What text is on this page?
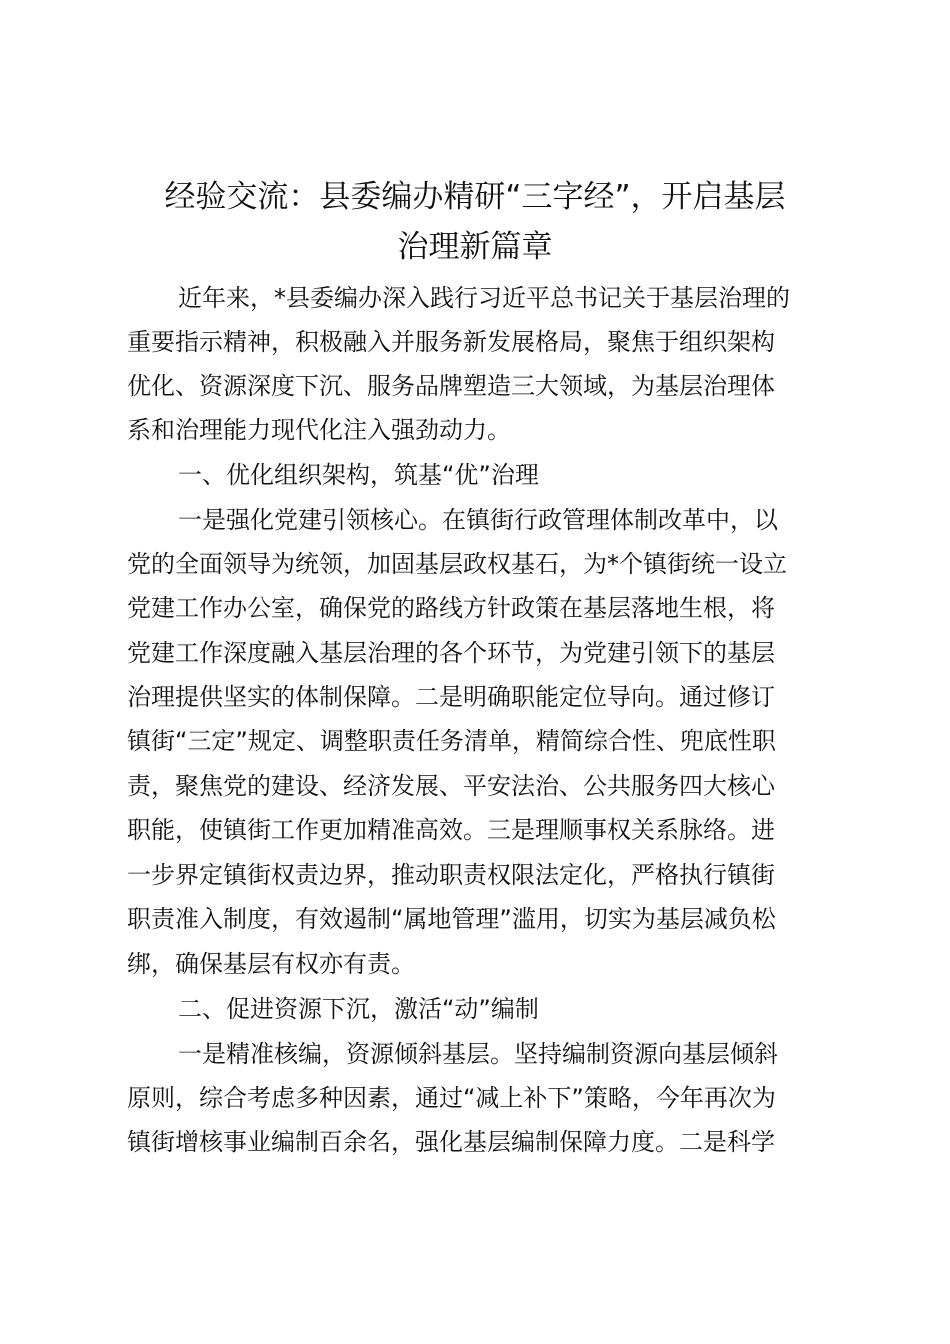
经验交流：县委编办精研“三字经”，开启基层
治理新篇章
近年来，*县委编办深入践行习近平总书记关于基层治理的
重要指示精神，积极融入并服务新发展格局，聚焦于组织架构
优化、资源深度下沉、服务品牌塑造三大领域，为基层治理体
系和治理能力现代化注入强劲动力。
一、优化组织架构，筑基“优”治理
一是强化党建引领核心。在镇街行政管理体制改革中，以
党的全面领导为统领，加固基层政权基石，为*个镇街统一设立
党建工作办公室，确保党的路线方针政策在基层落地生根，将
党建工作深度融入基层治理的各个环节，为党建引领下的基层
治理提供坚实的体制保障。二是明确职能定位导向。通过修订
镇街“三定”规定、调整职责任务清单，精简综合性、兜底性职
责，聚焦党的建设、经济发展、平安法治、公共服务四大核心
职能，使镇街工作更加精准高效。三是理顺事权关系脉络。进
一步界定镇街权责边界，推动职责权限法定化，严格执行镇街
职责准入制度，有效遏制“属地管理”滥用，切实为基层减负松
绑，确保基层有权亦有责。
二、促进资源下沉，激活“动”编制
一是精准核编，资源倾斜基层。坚持编制资源向基层倾斜
原则，综合考虑多种因素，通过“减上补下”策略，今年再次为
镇街增核事业编制百余名，强化基层编制保障力度。二是科学
